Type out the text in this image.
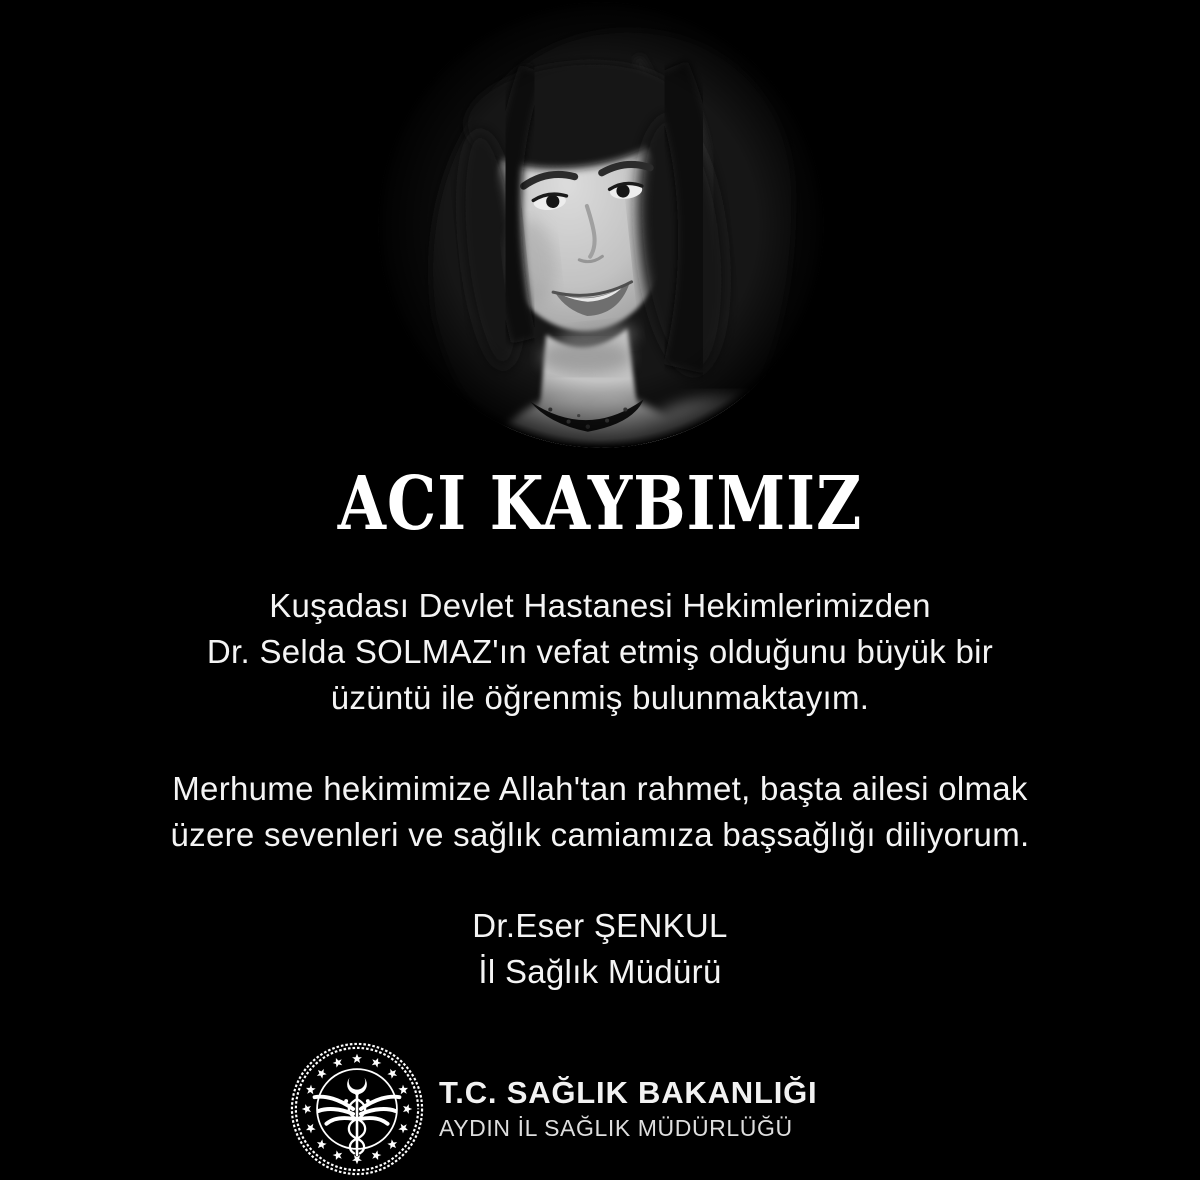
ACI KAYBIMIZ
Kuşadası Devlet Hastanesi Hekimlerimizden
Dr. Selda SOLMAZ'ın vefat etmiş olduğunu büyük bir
üzüntü ile öğrenmiş bulunmaktayım.
Merhume hekimimize Allah'tan rahmet, başta ailesi olmak
üzere sevenleri ve sağlık camiamıza başsağlığı diliyorum.
Dr.Eser ŞENKUL
İl Sağlık Müdürü
T.C. SAĞLIK BAKANLIĞI
AYDIN İL SAĞLIK MÜDÜRLÜĞÜ
